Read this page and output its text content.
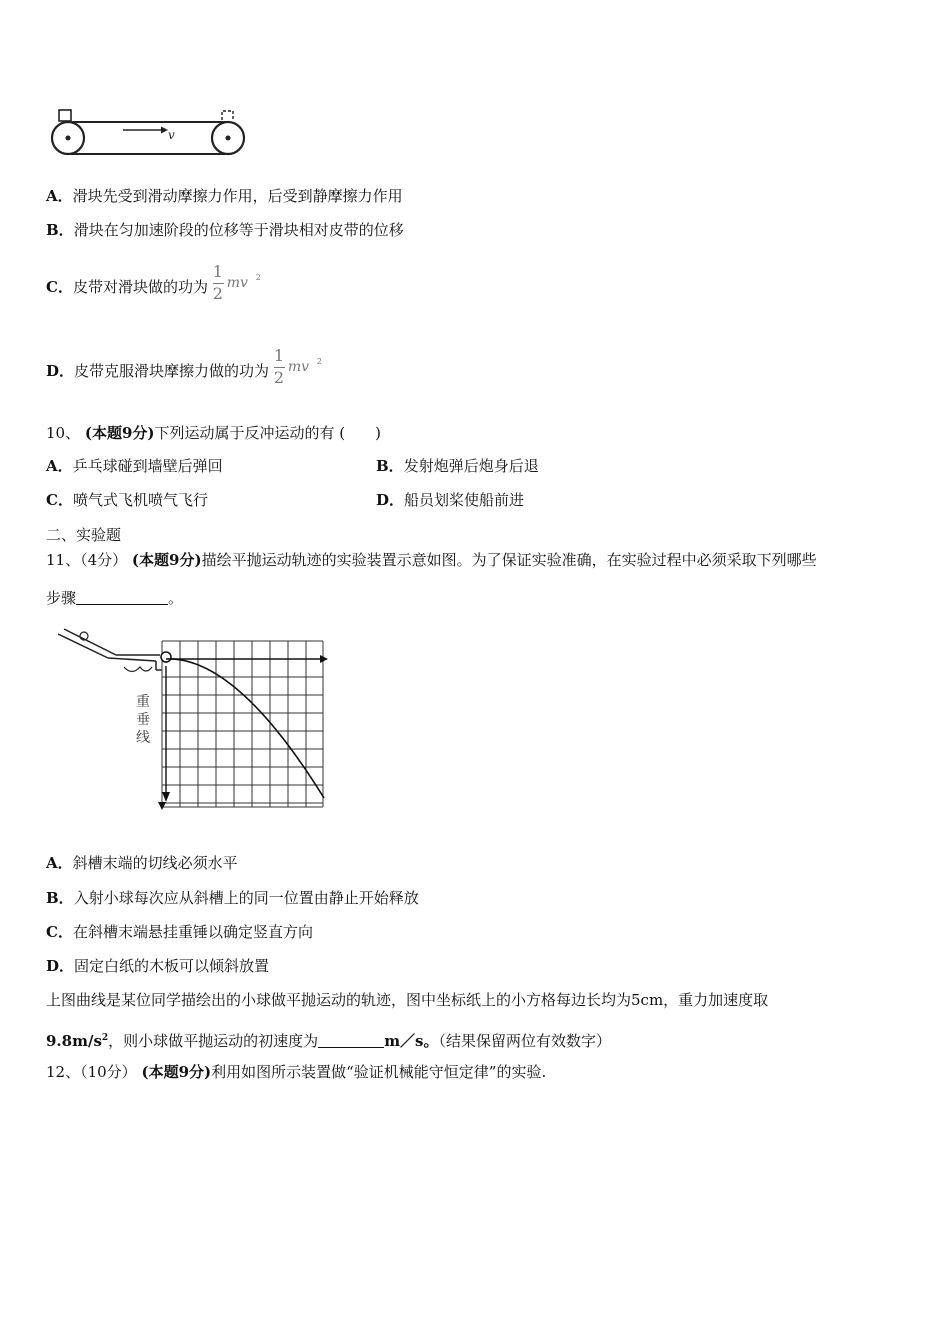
v
A．滑块先受到滑动摩擦力作用，后受到静摩擦力作用
B．滑块在匀加速阶段的位移等于滑块相对皮带的位移
C．皮带对滑块做的功为
1
2
mv 2
D．皮带克服滑块摩擦力做的功为
1
2
mv 2
10、 (本题9分)下列运动属于反冲运动的有 (　　)
A．乒乓球碰到墙壁后弹回	B．发射炮弹后炮身后退
C．喷气式飞机喷气飞行	D．船员划桨使船前进
二、实验题
11、（4分） (本题9分)描绘平抛运动轨迹的实验装置示意如图。为了保证实验准确，在实验过程中必须采取下列哪些
步骤	。
重
垂
线
A．斜槽末端的切线必须水平
B．入射小球每次应从斜槽上的同一位置由静止开始释放
C．在斜槽末端悬挂重锤以确定竖直方向
D．固定白纸的木板可以倾斜放置
上图曲线是某位同学描绘出的小球做平抛运动的轨迹，图中坐标纸上的小方格每边长均为5cm，重力加速度取
$9.8m/s^2$，则小球做平抛运动的初速度为	m／s。（结果保留两位有效数字）
12、（10分） (本题9分)利用如图所示装置做“验证机械能守恒定律”的实验.
